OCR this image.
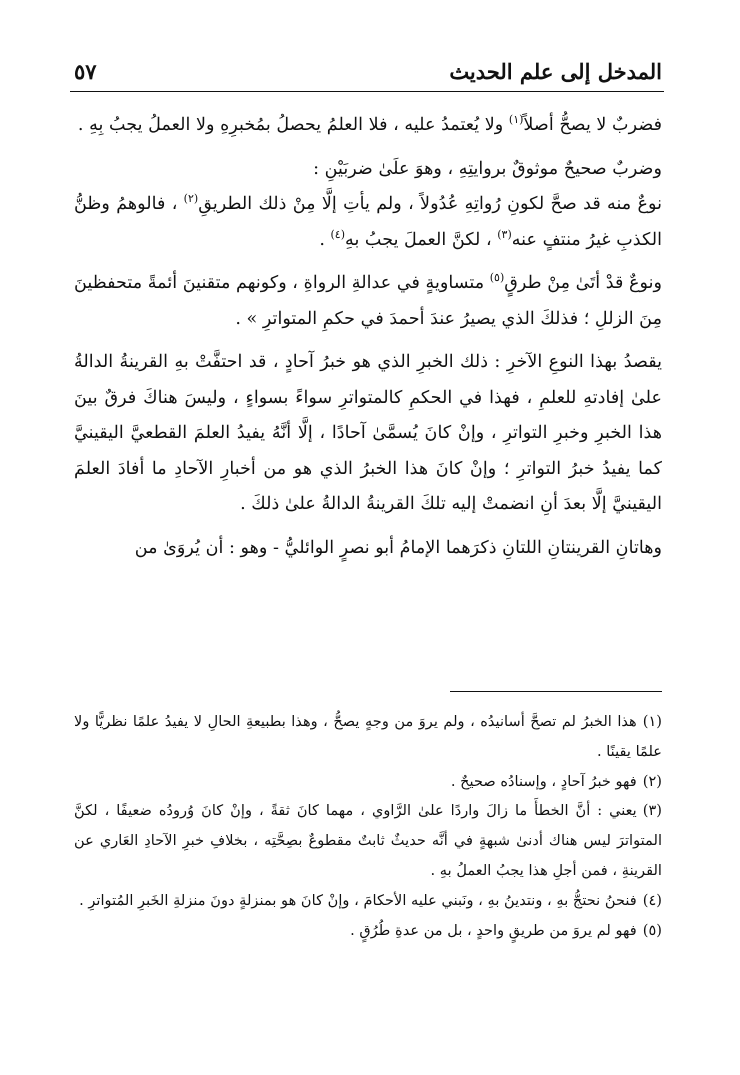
المدخل إلى علم الحديث
٥٧

فضربٌ لا يصحُّ أصلاً$^{(١)}$ ولا يُعتمدُ عليه ، فلا العلمُ يحصلُ بمُخبرِهِ ولا العملُ يجبُ بِهِ .

وضربٌ صحيحٌ موثوقٌ بروايتِهِ ، وهوَ علَىٰ ضربَيْنِ :

نوعٌ منه قد صحَّ لكونِ رُواتِهِ عُدُولاً ، ولم يأتِ إلَّا مِنْ ذلك الطريقِ$^{(٢)}$ ، فالوهمُ وظنُّ الكذبِ غيرُ منتفٍ عنه$^{(٣)}$ ، لكنَّ العملَ يجبُ بهِ$^{(٤)}$ .

ونوعٌ قدْ أتَىٰ مِنْ طرقٍ$^{(٥)}$ متساويةٍ في عدالةِ الرواةِ ، وكونهم متقنينَ أئمةً متحفظينَ مِنَ الزللِ ؛ فذلكَ الذي يصيرُ عندَ أحمدَ في حكمِ المتواترِ » .

يقصدُ بهذا النوعِ الآخرِ : ذلك الخبرِ الذي هو خبرُ آحادٍ ، قد احتفَّتْ بهِ القرينةُ الدالةُ علىٰ إفادتهِ للعلمِ ، فهذا في الحكمِ كالمتواترِ سواءً بسواءٍ ، وليسَ هناكَ فرقٌ بينَ هذا الخبرِ وخبرِ التواترِ ، وإنْ كانَ يُسمَّىٰ آحادًا ، إلَّا أنَّهُ يفيدُ العلمَ القطعيَّ اليقينيَّ كما يفيدُ خبرُ التواترِ ؛ وإنْ كانَ هذا الخبرُ الذي هو من أخبارِ الآحادِ ما أفادَ العلمَ اليقينيَّ إلَّا بعدَ أنِ انضمتْ إليه تلكَ القرينةُ الدالةُ علىٰ ذلكَ .

وهاتانِ القرينتانِ اللتانِ ذكرَهما الإمامُ أبو نصرٍ الوائليُّ - وهو : أن يُروَىٰ من

(١)هذا الخبرُ لم تصحَّ أسانيدُه ، ولم يروَ من وجهٍ يصحُّ ، وهذا بطبيعةِ الحالِ لا يفيدُ علمًا نظريًّا ولا علمًا يقينًا .

(٢)فهو خبرُ آحادٍ ، وإسنادُه صحيحٌ .

(٣)يعني : أنَّ الخطأَ ما زالَ واردًا علىٰ الرَّاوي ، مهما كانَ ثقةً ، وإنْ كانَ وُرودُه ضعيفًا ، لكنَّ المتواترَ ليس هناك أدنىٰ شبهةٍ في أنَّه حديثٌ ثابتٌ مقطوعٌ بصِحَّتِه ، بخلافِ خبرِ الآحادِ العَاري عن القرينةِ ، فمن أجلِ هذا يجبُ العملُ بهِ .

(٤)فنحنُ نحتجُّ بهِ ، ونتدينُ بهِ ، ونَبني عليه الأحكامَ ، وإنْ كانَ هو بمنزلةٍ دونَ منزلةِ الخَبرِ المُتواترِ .

(٥)فهو لم يروَ من طريقٍ واحدٍ ، بل من عدةِ طُرُقٍ .
